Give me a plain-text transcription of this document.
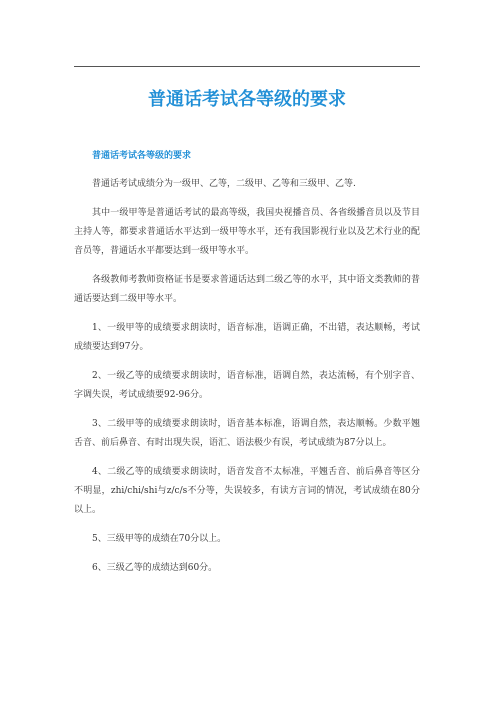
普通话考试各等级的要求
普通话考试各等级的要求

普通话考试成绩分为一级甲、乙等，二级甲、乙等和三级甲、乙等.

其中一级甲等是普通话考试的最高等级，我国央视播音员、各省级播音员以及节目主持人等，都要求普通话水平达到一级甲等水平，还有我国影视行业以及艺术行业的配音员等，普通话水平都要达到一级甲等水平。

各级教师考教师资格证书是要求普通话达到二级乙等的水平，其中语文类教师的普通话要达到二级甲等水平。

1、一级甲等的成绩要求朗读时，语音标准，语调正确，不出错，表达顺畅，考试成绩要达到97分。

2、一级乙等的成绩要求朗读时，语音标准，语调自然，表达流畅，有个别字音、字调失误，考试成绩要92-96分。

3、二级甲等的成绩要求朗读时，语音基本标准，语调自然，表达顺畅。少数平翘舌音、前后鼻音、有时出现失误，语汇、语法极少有误，考试成绩为87分以上。

4、二级乙等的成绩要求朗读时，语音发音不太标准，平翘舌音、前后鼻音等区分不明显，zhi/chi/shi与z/c/s不分等，失误较多，有读方言词的情况，考试成绩在80分以上。

5、三级甲等的成绩在70分以上。

6、三级乙等的成绩达到60分。
